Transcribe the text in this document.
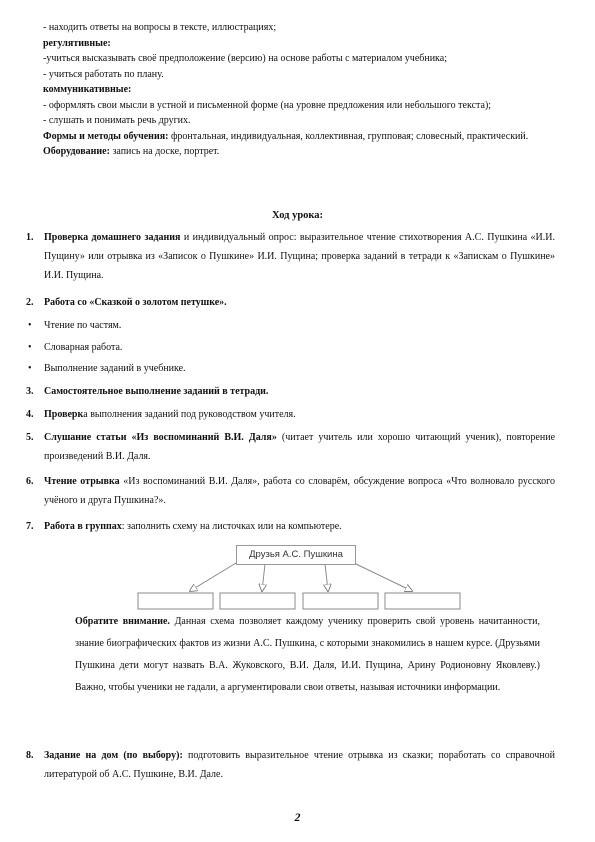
- находить ответы на вопросы в тексте, иллюстрациях;

регулятивные:

-учиться высказывать своё предположение (версию) на основе работы с материалом учебника;

- учиться работать по плану.

коммуникативные:

- оформлять свои мысли в устной и письменной форме (на уровне предложения или небольшого текста);

- слушать и понимать речь других.

Формы и методы обучения: фронтальная, индивидуальная, коллективная, групповая; словесный, практический.

Оборудование: запись на доске, портрет.

Ход урока:
1. Проверка домашнего задания и индивидуальный опрос: выразительное чтение стихотворения А.С. Пушкина «И.И. Пущину» или отрывка из «Записок о Пушкине» И.И. Пущина; проверка заданий в тетради к «Запискам о Пушкине» И.И. Пущина.
2. Работа со «Сказкой о золотом петушке».
• Чтение по частям.
• Словарная работа.
• Выполнение заданий в учебнике.
3. Самостоятельное выполнение заданий в тетради.
4. Проверка выполнения заданий под руководством учителя.
5. Слушание статьи «Из воспоминаний В.И. Даля» (читает учитель или хорошо читающий ученик), повторение произведений В.И. Даля.
6. Чтение отрывка «Из воспоминаний В.И. Даля», работа со словарём, обсуждение вопроса «Что волновало русского учёного и друга Пушкина?».
7. Работа в группах: заполнить схему на листочках или на компьютере.
Друзья А.С. Пушкина
Обратите внимание. Данная схема позволяет каждому ученику проверить свой уровень начитанности, знание биографических фактов из жизни А.С. Пушкина, с которыми знакомились в нашем курсе. (Друзьями Пушкина дети могут назвать В.А. Жуковского, В.И. Даля, И.И. Пущина, Арину Родионовну Яковлеву.) Важно, чтобы ученики не гадали, а аргументировали свои ответы, называя источники информации.
8. Задание на дом (по выбору): подготовить выразительное чтение отрывка из сказки; поработать со справочной литературой об А.С. Пушкине, В.И. Дале.
2
